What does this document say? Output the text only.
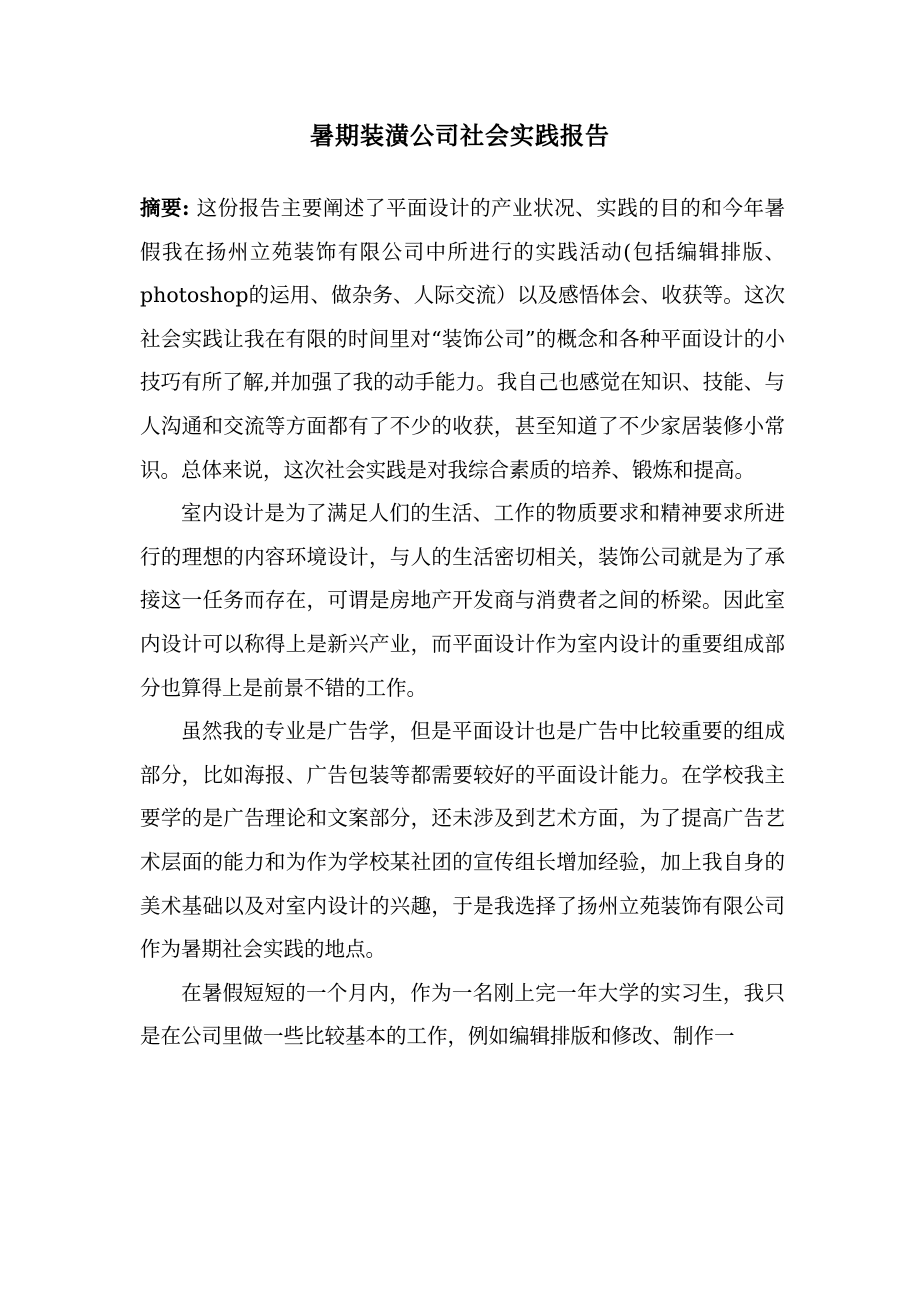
暑期装潢公司社会实践报告

摘要: 这份报告主要阐述了平面设计的产业状况、实践的目的和今年暑假我在扬州立苑装饰有限公司中所进行的实践活动(包括编辑排版、photoshop的运用、做杂务、人际交流）以及感悟体会、收获等。这次社会实践让我在有限的时间里对“装饰公司”的概念和各种平面设计的小技巧有所了解,并加强了我的动手能力。我自己也感觉在知识、技能、与人沟通和交流等方面都有了不少的收获，甚至知道了不少家居装修小常识。总体来说，这次社会实践是对我综合素质的培养、锻炼和提高。

室内设计是为了满足人们的生活、工作的物质要求和精神要求所进行的理想的内容环境设计，与人的生活密切相关，装饰公司就是为了承接这一任务而存在，可谓是房地产开发商与消费者之间的桥梁。因此室内设计可以称得上是新兴产业，而平面设计作为室内设计的重要组成部分也算得上是前景不错的工作。

虽然我的专业是广告学，但是平面设计也是广告中比较重要的组成部分，比如海报、广告包装等都需要较好的平面设计能力。在学校我主要学的是广告理论和文案部分，还未涉及到艺术方面，为了提高广告艺术层面的能力和为作为学校某社团的宣传组长增加经验，加上我自身的美术基础以及对室内设计的兴趣，于是我选择了扬州立苑装饰有限公司作为暑期社会实践的地点。

在暑假短短的一个月内，作为一名刚上完一年大学的实习生，我只是在公司里做一些比较基本的工作，例如编辑排版和修改、制作一
